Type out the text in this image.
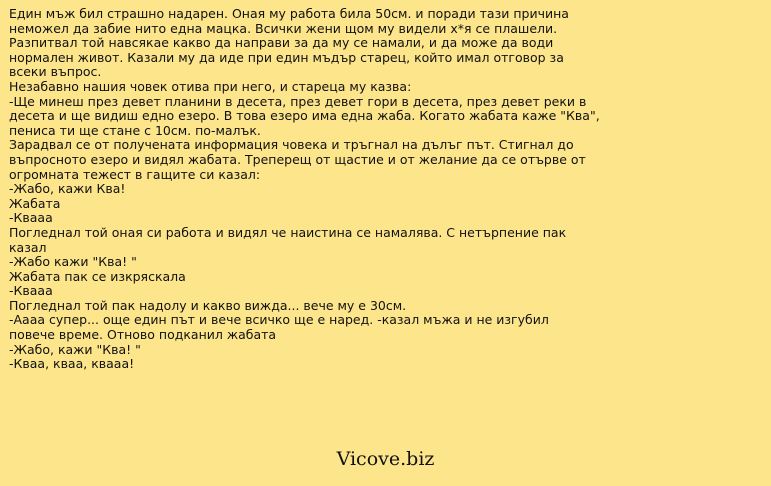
Един мъж бил страшно надарен. Оная му работа била 50см. и поради тази причина
неможел да забие нито една мацка. Всички жени щом му видели х*я се плашели.
Разпитвал той навсякае какво да направи за да му се намали, и да може да води
нормален живот. Казали му да иде при един мъдър старец, който имал отговор за
всеки въпрос.
Незабавно нашия човек отива при него, и стареца му казва:
-Ще минеш през девет планини в десета, през девет гори в десета, през девет реки в
десета и ще видиш едно езеро. В това езеро има една жаба. Когато жабата каже "Ква",
пениса ти ще стане с 10см. по-малък.
Зарадвал се от получената информация човека и тръгнал на дълъг път. Стигнал до
въпросното езеро и видял жабата. Треперещ от щастие и от желание да се отърве от
огромната тежест в гащите си казал:
-Жабо, кажи Ква!
Жабата
-Кваaa
Погледнал той оная си работа и видял че наистина се намалява. С нетърпение пак
казал
-Жабо кажи "Ква! "
Жабата пак се изкряскала
-Кваaa
Погледнал той пак надолу и какво вижда... вече му е 30см.
-Аааа супер... още един път и вече всичко ще е наред. -казал мъжа и не изгубил
повече време. Отново подканил жабата
-Жабо, кажи "Ква! "
-Кваа, кваа, квааа!
Vicove.biz
